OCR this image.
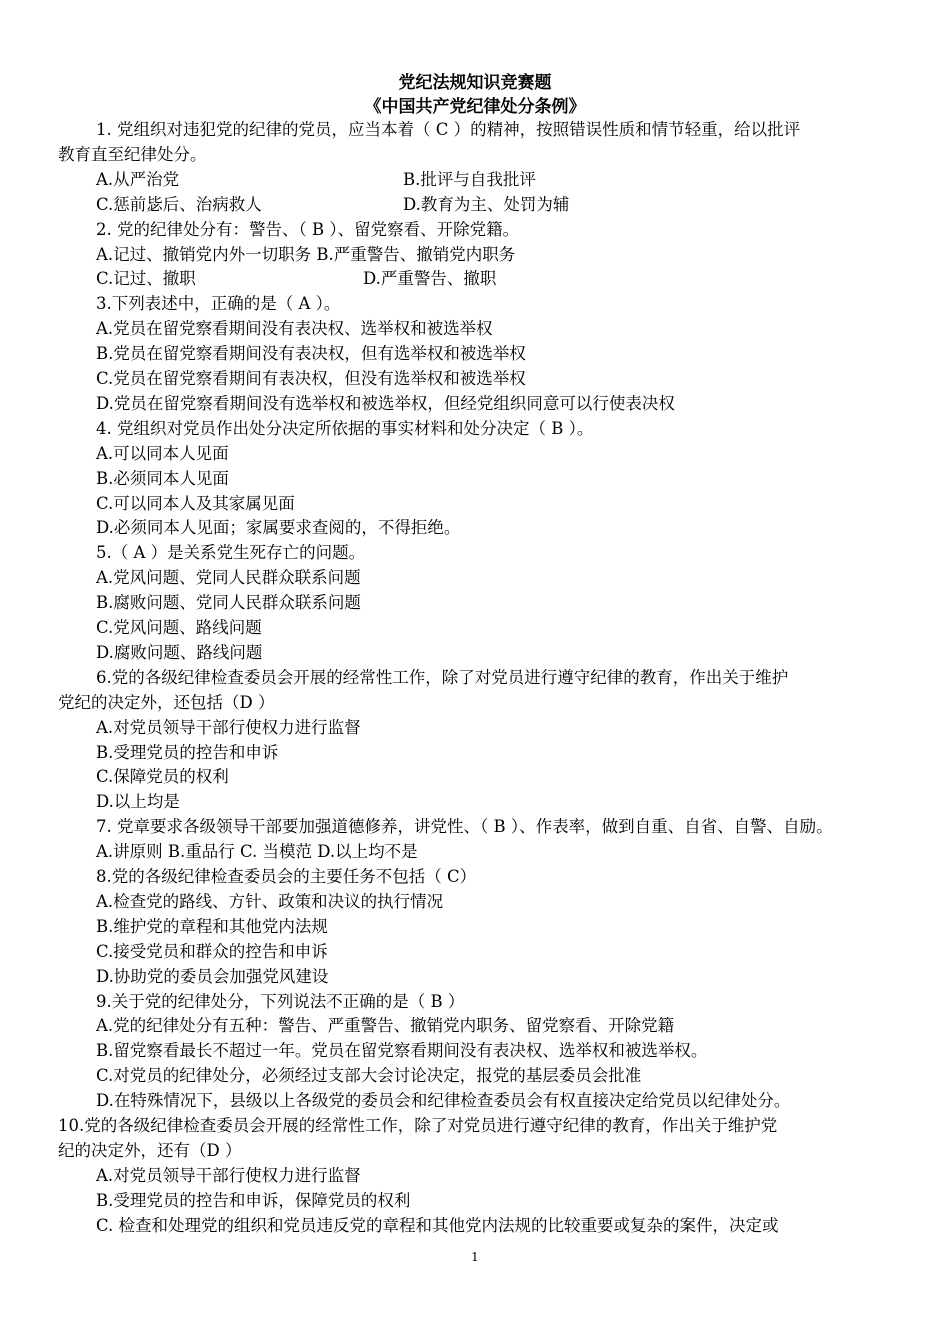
党纪法规知识竞赛题
《中国共产党纪律处分条例》
1. 党组织对违犯党的纪律的党员，应当本着（ C ）的精神，按照错误性质和情节轻重，给以批评
教育直至纪律处分。
A.从严治党	B.批评与自我批评
C.惩前毖后、治病救人	D.教育为主、处罚为辅
2. 党的纪律处分有：警告、（ B ）、留党察看、开除党籍。
A.记过、撤销党内外一切职务 B.严重警告、撤销党内职务
C.记过、撤职	D.严重警告、撤职
3.下列表述中，正确的是（ A ）。
A.党员在留党察看期间没有表决权、选举权和被选举权
B.党员在留党察看期间没有表决权，但有选举权和被选举权
C.党员在留党察看期间有表决权，但没有选举权和被选举权
D.党员在留党察看期间没有选举权和被选举权，但经党组织同意可以行使表决权
4. 党组织对党员作出处分决定所依据的事实材料和处分决定（ B ）。
A.可以同本人见面
B.必须同本人见面
C.可以同本人及其家属见面
D.必须同本人见面；家属要求查阅的，不得拒绝。
5.（ A ）是关系党生死存亡的问题。
A.党风问题、党同人民群众联系问题
B.腐败问题、党同人民群众联系问题
C.党风问题、路线问题
D.腐败问题、路线问题
6.党的各级纪律检查委员会开展的经常性工作，除了对党员进行遵守纪律的教育，作出关于维护
党纪的决定外，还包括（D ）
A.对党员领导干部行使权力进行监督
B.受理党员的控告和申诉
C.保障党员的权利
D.以上均是
7. 党章要求各级领导干部要加强道德修养，讲党性、（ B ）、作表率，做到自重、自省、自警、自励。
A.讲原则 B.重品行 C. 当模范 D.以上均不是
8.党的各级纪律检查委员会的主要任务不包括（ C）
A.检查党的路线、方针、政策和决议的执行情况
B.维护党的章程和其他党内法规
C.接受党员和群众的控告和申诉
D.协助党的委员会加强党风建设
9.关于党的纪律处分，下列说法不正确的是（ B ）
A.党的纪律处分有五种：警告、严重警告、撤销党内职务、留党察看、开除党籍
B.留党察看最长不超过一年。党员在留党察看期间没有表决权、选举权和被选举权。
C.对党员的纪律处分，必须经过支部大会讨论决定，报党的基层委员会批准
D.在特殊情况下，县级以上各级党的委员会和纪律检查委员会有权直接决定给党员以纪律处分。
10.党的各级纪律检查委员会开展的经常性工作，除了对党员进行遵守纪律的教育，作出关于维护党
纪的决定外，还有（D ）
A.对党员领导干部行使权力进行监督
B.受理党员的控告和申诉，保障党员的权利
C. 检查和处理党的组织和党员违反党的章程和其他党内法规的比较重要或复杂的案件，决定或
1
